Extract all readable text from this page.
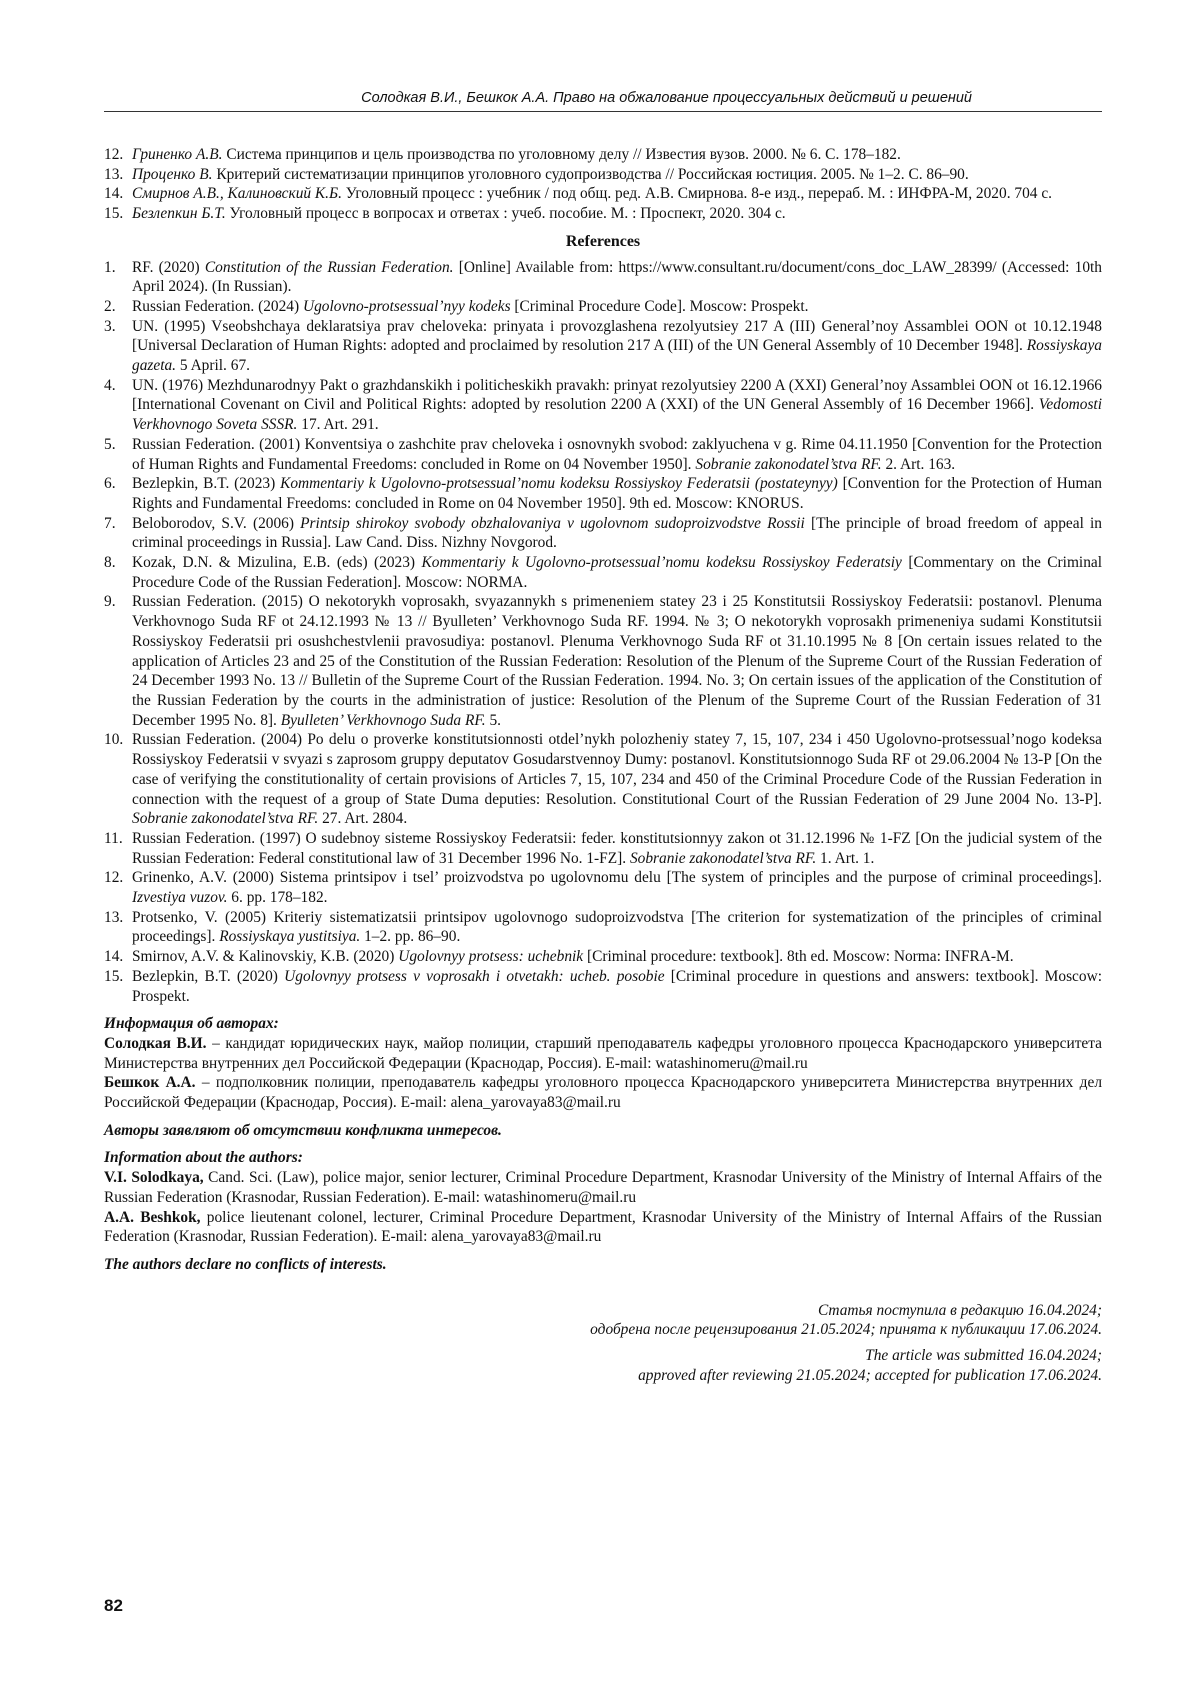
Солодкая В.И., Бешкок А.А. Право на обжалование процессуальных действий и решений
12. Гриненко А.В. Система принципов и цель производства по уголовному делу // Известия вузов. 2000. № 6. С. 178–182.
13. Проценко В. Критерий систематизации принципов уголовного судопроизводства // Российская юстиция. 2005. № 1–2. С. 86–90.
14. Смирнов А.В., Калиновский К.Б. Уголовный процесс : учебник / под общ. ред. А.В. Смирнова. 8-е изд., перераб. М. : ИНФРА-М, 2020. 704 с.
15. Безлепкин Б.Т. Уголовный процесс в вопросах и ответах : учеб. пособие. М. : Проспект, 2020. 304 с.
References
1. RF. (2020) Constitution of the Russian Federation. [Online] Available from: https://www.consultant.ru/document/cons_doc_LAW_28399/ (Accessed: 10th April 2024). (In Russian).
2. Russian Federation. (2024) Ugolovno-protsessual’nyy kodeks [Criminal Procedure Code]. Moscow: Prospekt.
3. UN. (1995) Vseobshchaya deklaratsiya prav cheloveka: prinyata i provozglashena rezolyutsiey 217 A (III) General’noy Assamblei OON ot 10.12.1948 [Universal Declaration of Human Rights: adopted and proclaimed by resolution 217 A (III) of the UN General Assembly of 10 December 1948]. Rossiyskaya gazeta. 5 April. 67.
4. UN. (1976) Mezhdunarodnyy Pakt o grazhdanskikh i politicheskikh pravakh: prinyat rezolyutsiey 2200 A (XXI) General’noy Assamblei OON ot 16.12.1966 [International Covenant on Civil and Political Rights: adopted by resolution 2200 A (XXI) of the UN General Assembly of 16 December 1966]. Vedomosti Verkhovnogo Soveta SSSR. 17. Art. 291.
5. Russian Federation. (2001) Konventsiya o zashchite prav cheloveka i osnovnykh svobod: zaklyuchena v g. Rime 04.11.1950 [Convention for the Protection of Human Rights and Fundamental Freedoms: concluded in Rome on 04 November 1950]. Sobranie zakonodatel’stva RF. 2. Art. 163.
6. Bezlepkin, B.T. (2023) Kommentariy k Ugolovno-protsessual’nomu kodeksu Rossiyskoy Federatsii (postateynyy) [Convention for the Protection of Human Rights and Fundamental Freedoms: concluded in Rome on 04 November 1950]. 9th ed. Moscow: KNORUS.
7. Beloborodov, S.V. (2006) Printsip shirokoy svobody obzhalovaniya v ugolovnom sudoproizvodstve Rossii [The principle of broad freedom of appeal in criminal proceedings in Russia]. Law Cand. Diss. Nizhny Novgorod.
8. Kozak, D.N. & Mizulina, E.B. (eds) (2023) Kommentariy k Ugolovno-protsessual’nomu kodeksu Rossiyskoy Federatsiy [Commentary on the Criminal Procedure Code of the Russian Federation]. Moscow: NORMA.
9. Russian Federation. (2015) O nekotorykh voprosakh, svyazannykh s primeneniem statey 23 i 25 Konstitutsii Rossiyskoy Federatsii: postanovl. Plenuma Verkhovnogo Suda RF ot 24.12.1993 № 13 // Byulleten’ Verkhovnogo Suda RF. 1994. № 3; O nekotorykh voprosakh primeneniya sudami Konstitutsii Rossiyskoy Federatsii pri osushchestvlenii pravosudiya: postanovl. Plenuma Verkhovnogo Suda RF ot 31.10.1995 № 8 [On certain issues related to the application of Articles 23 and 25 of the Constitution of the Russian Federation: Resolution of the Plenum of the Supreme Court of the Russian Federation of 24 December 1993 No. 13 // Bulletin of the Supreme Court of the Russian Federation. 1994. No. 3; On certain issues of the application of the Constitution of the Russian Federation by the courts in the administration of justice: Resolution of the Plenum of the Supreme Court of the Russian Federation of 31 December 1995 No. 8]. Byulleten’ Verkhovnogo Suda RF. 5.
10. Russian Federation. (2004) Po delu o proverke konstitutsionnosti otdel’nykh polozheniy statey 7, 15, 107, 234 i 450 Ugolovno-protsessual’nogo kodeksa Rossiyskoy Federatsii v svyazi s zaprosom gruppy deputatov Gosudarstvennoy Dumy: postanovl. Konstitutsionnogo Suda RF ot 29.06.2004 № 13-P [On the case of verifying the constitutionality of certain provisions of Articles 7, 15, 107, 234 and 450 of the Criminal Procedure Code of the Russian Federation in connection with the request of a group of State Duma deputies: Resolution. Constitutional Court of the Russian Federation of 29 June 2004 No. 13-P]. Sobranie zakonodatel’stva RF. 27. Art. 2804.
11. Russian Federation. (1997) O sudebnoy sisteme Rossiyskoy Federatsii: feder. konstitutsionnyy zakon ot 31.12.1996 № 1-FZ [On the judicial system of the Russian Federation: Federal constitutional law of 31 December 1996 No. 1-FZ]. Sobranie zakonodatel’stva RF. 1. Art. 1.
12. Grinenko, A.V. (2000) Sistema printsipov i tsel’ proizvodstva po ugolovnomu delu [The system of principles and the purpose of criminal proceedings]. Izvestiya vuzov. 6. pp. 178–182.
13. Protsenko, V. (2005) Kriteriy sistematizatsii printsipov ugolovnogo sudoproizvodstva [The criterion for systematization of the principles of criminal proceedings]. Rossiyskaya yustitsiya. 1–2. pp. 86–90.
14. Smirnov, A.V. & Kalinovskiy, K.B. (2020) Ugolovnyy protsess: uchebnik [Criminal procedure: textbook]. 8th ed. Moscow: Norma: INFRA-M.
15. Bezlepkin, B.T. (2020) Ugolovnyy protsess v voprosakh i otvetakh: ucheb. posobie [Criminal procedure in questions and answers: textbook]. Moscow: Prospekt.
Информация об авторах:
Солодкая В.И. – кандидат юридических наук, майор полиции, старший преподаватель кафедры уголовного процесса Краснодарского университета Министерства внутренних дел Российской Федерации (Краснодар, Россия). E-mail: watashinomeru@mail.ru
Бешкок А.А. – подполковник полиции, преподаватель кафедры уголовного процесса Краснодарского университета Министерства внутренних дел Российской Федерации (Краснодар, Россия). E-mail: alena_yarovaya83@mail.ru
Авторы заявляют об отсутствии конфликта интересов.
Information about the authors:
V.I. Solodkaya, Cand. Sci. (Law), police major, senior lecturer, Criminal Procedure Department, Krasnodar University of the Ministry of Internal Affairs of the Russian Federation (Krasnodar, Russian Federation). E-mail: watashinomeru@mail.ru
A.A. Beshkok, police lieutenant colonel, lecturer, Criminal Procedure Department, Krasnodar University of the Ministry of Internal Affairs of the Russian Federation (Krasnodar, Russian Federation). E-mail: alena_yarovaya83@mail.ru
The authors declare no conflicts of interests.
Статья поступила в редакцию 16.04.2024;
одобрена после рецензирования 21.05.2024; принята к публикации 17.06.2024.
The article was submitted 16.04.2024;
approved after reviewing 21.05.2024; accepted for publication 17.06.2024.
82
